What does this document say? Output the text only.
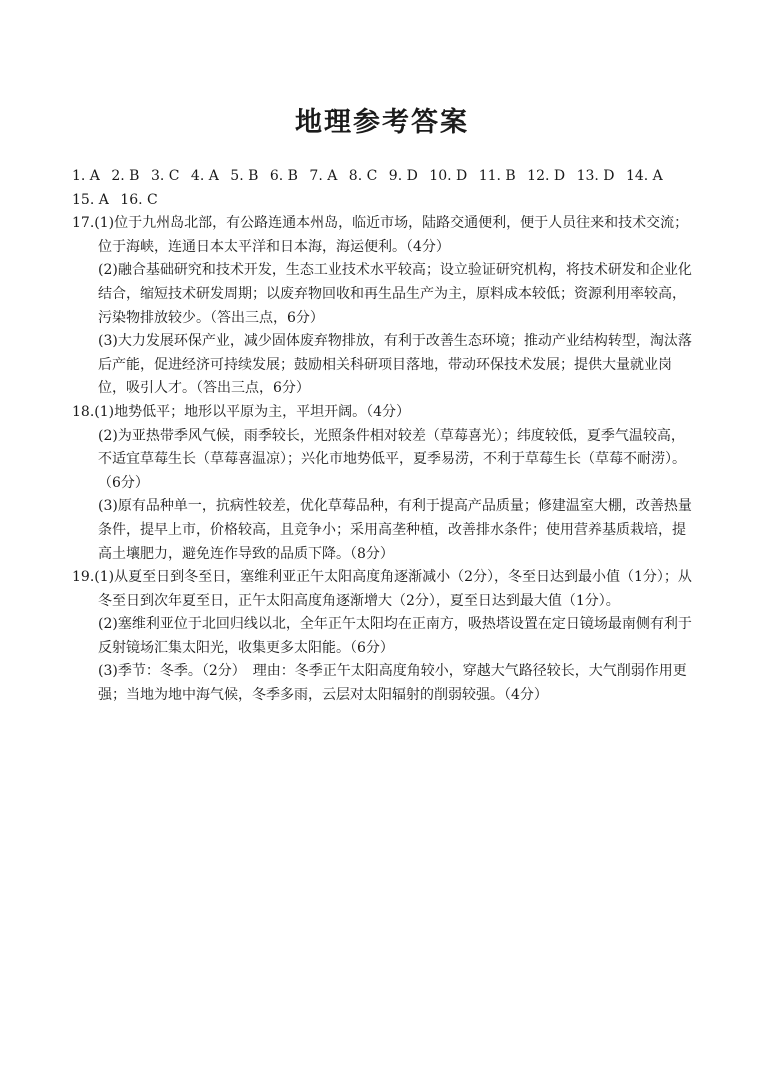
地理参考答案
1. A 2. B 3. C 4. A 5. B 6. B 7. A 8. C 9. D 10. D 11. B 12. D 13. D 14. A
15. A 16. C
17.(1)位于九州岛北部，有公路连通本州岛，临近市场，陆路交通便利，便于人员往来和技术交流；位于海峡，连通日本太平洋和日本海，海运便利。（4分）
(2)融合基础研究和技术开发，生态工业技术水平较高；设立验证研究机构，将技术研发和企业化结合，缩短技术研发周期；以废弃物回收和再生品生产为主，原料成本较低；资源利用率较高，污染物排放较少。（答出三点，6分）
(3)大力发展环保产业，减少固体废弃物排放，有利于改善生态环境；推动产业结构转型，淘汰落后产能，促进经济可持续发展；鼓励相关科研项目落地，带动环保技术发展；提供大量就业岗位，吸引人才。（答出三点，6分）
18.(1)地势低平；地形以平原为主，平坦开阔。（4分）
(2)为亚热带季风气候，雨季较长，光照条件相对较差（草莓喜光）；纬度较低，夏季气温较高，不适宜草莓生长（草莓喜温凉）；兴化市地势低平，夏季易涝，不利于草莓生长（草莓不耐涝）。（6分）
(3)原有品种单一，抗病性较差，优化草莓品种，有利于提高产品质量；修建温室大棚，改善热量条件，提早上市，价格较高，且竞争小；采用高垄种植，改善排水条件；使用营养基质栽培，提高土壤肥力，避免连作导致的品质下降。（8分）
19.(1)从夏至日到冬至日，塞维利亚正午太阳高度角逐渐减小（2分），冬至日达到最小值（1分）；从冬至日到次年夏至日，正午太阳高度角逐渐增大（2分），夏至日达到最大值（1分）。
(2)塞维利亚位于北回归线以北，全年正午太阳均在正南方，吸热塔设置在定日镜场最南侧有利于反射镜场汇集太阳光，收集更多太阳能。（6分）
(3)季节：冬季。（2分）　理由：冬季正午太阳高度角较小，穿越大气路径较长，大气削弱作用更强；当地为地中海气候，冬季多雨，云层对太阳辐射的削弱较强。（4分）
